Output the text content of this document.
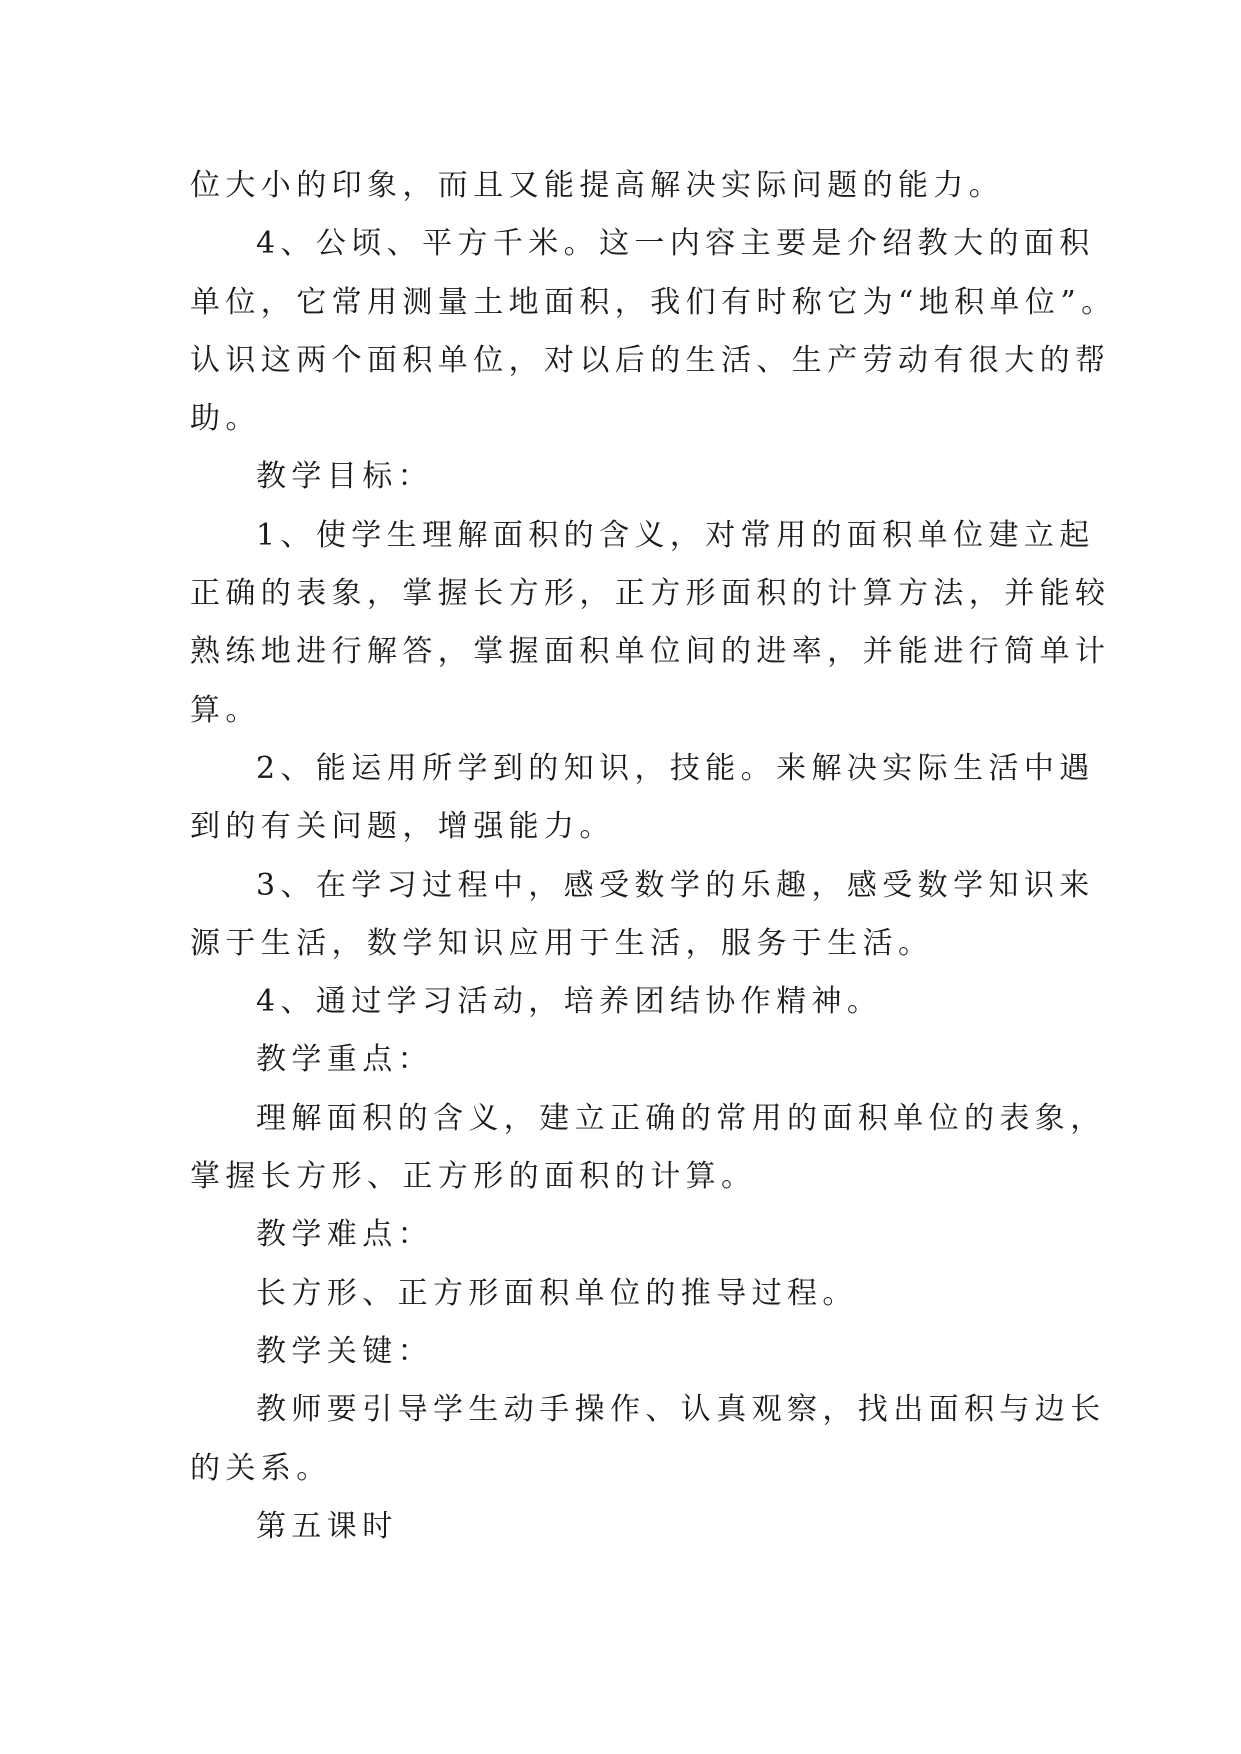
位大小的印象，而且又能提高解决实际问题的能力。
4、公顷、平方千米。这一内容主要是介绍教大的面积
单位，它常用测量土地面积，我们有时称它为“地积单位”。
认识这两个面积单位，对以后的生活、生产劳动有很大的帮
助。
教学目标：
1、使学生理解面积的含义，对常用的面积单位建立起
正确的表象，掌握长方形，正方形面积的计算方法，并能较
熟练地进行解答，掌握面积单位间的进率，并能进行简单计
算。
2、能运用所学到的知识，技能。来解决实际生活中遇
到的有关问题，增强能力。
3、在学习过程中，感受数学的乐趣，感受数学知识来
源于生活，数学知识应用于生活，服务于生活。
4、通过学习活动，培养团结协作精神。
教学重点：
理解面积的含义，建立正确的常用的面积单位的表象，
掌握长方形、正方形的面积的计算。
教学难点：
长方形、正方形面积单位的推导过程。
教学关键：
教师要引导学生动手操作、认真观察，找出面积与边长
的关系。
第五课时
